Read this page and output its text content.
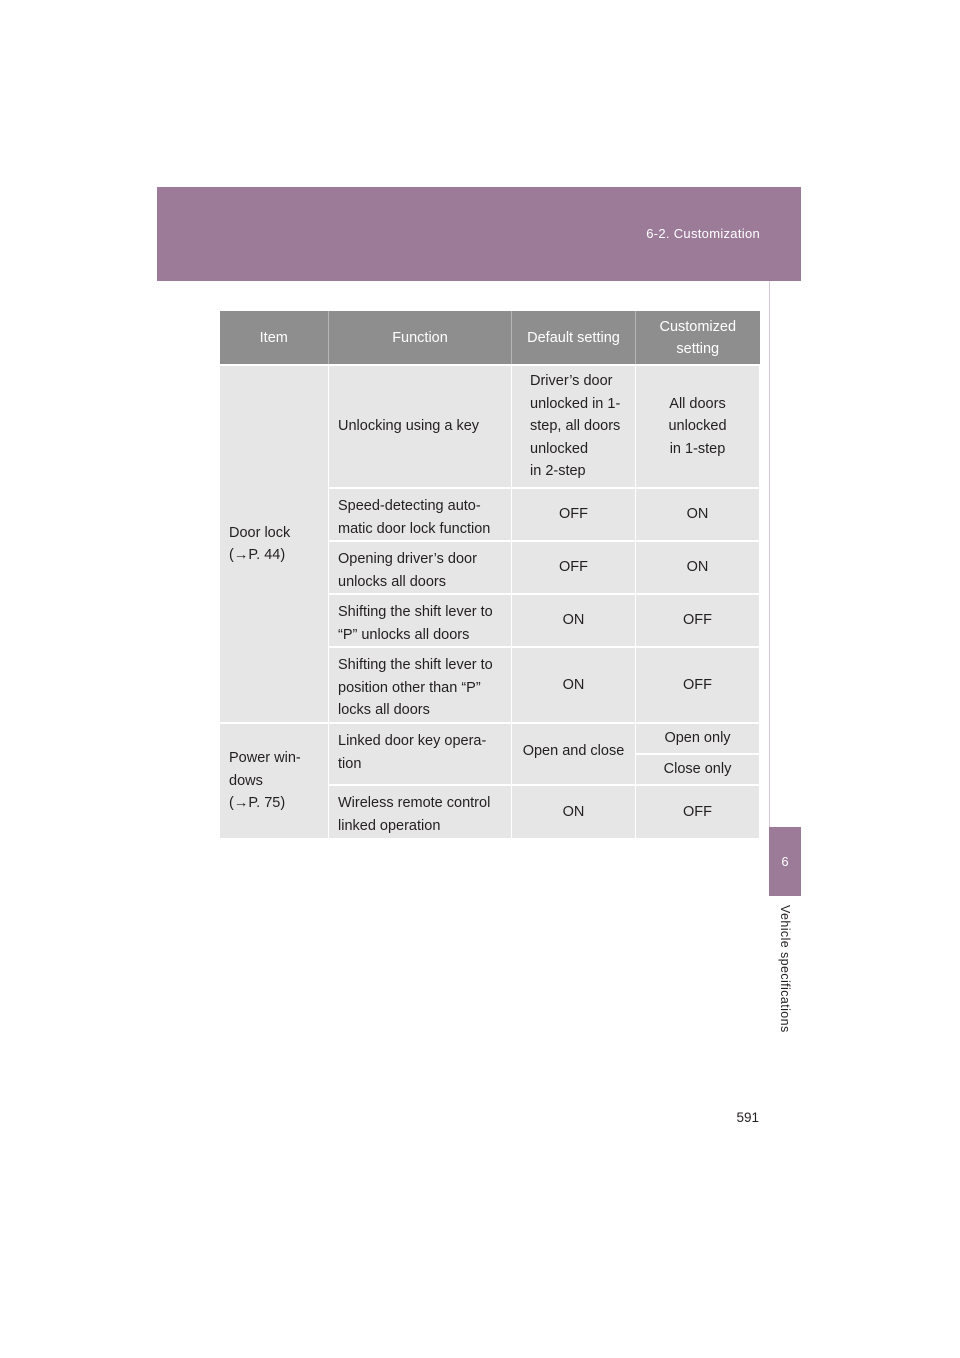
6-2. Customization
6
Vehicle specifications
Item	Function	Default setting	Customized
setting
Door lock
(→P. 44)	Unlocking using a key	Driver’s door
unlocked in 1-
step, all doors
unlocked
in 2-step	All doors
unlocked
in 1-step
	Speed-detecting auto-
matic door lock function	OFF	ON
	Opening driver’s door
unlocks all doors	OFF	ON
	Shifting the shift lever to
“P” unlocks all doors	ON	OFF
	Shifting the shift lever to
position other than “P”
locks all doors	ON	OFF
Power win-
dows
(→P. 75)	Linked door key opera-
tion	Open and close	Open only
			Close only
	Wireless remote control
linked operation	ON	OFF
591
